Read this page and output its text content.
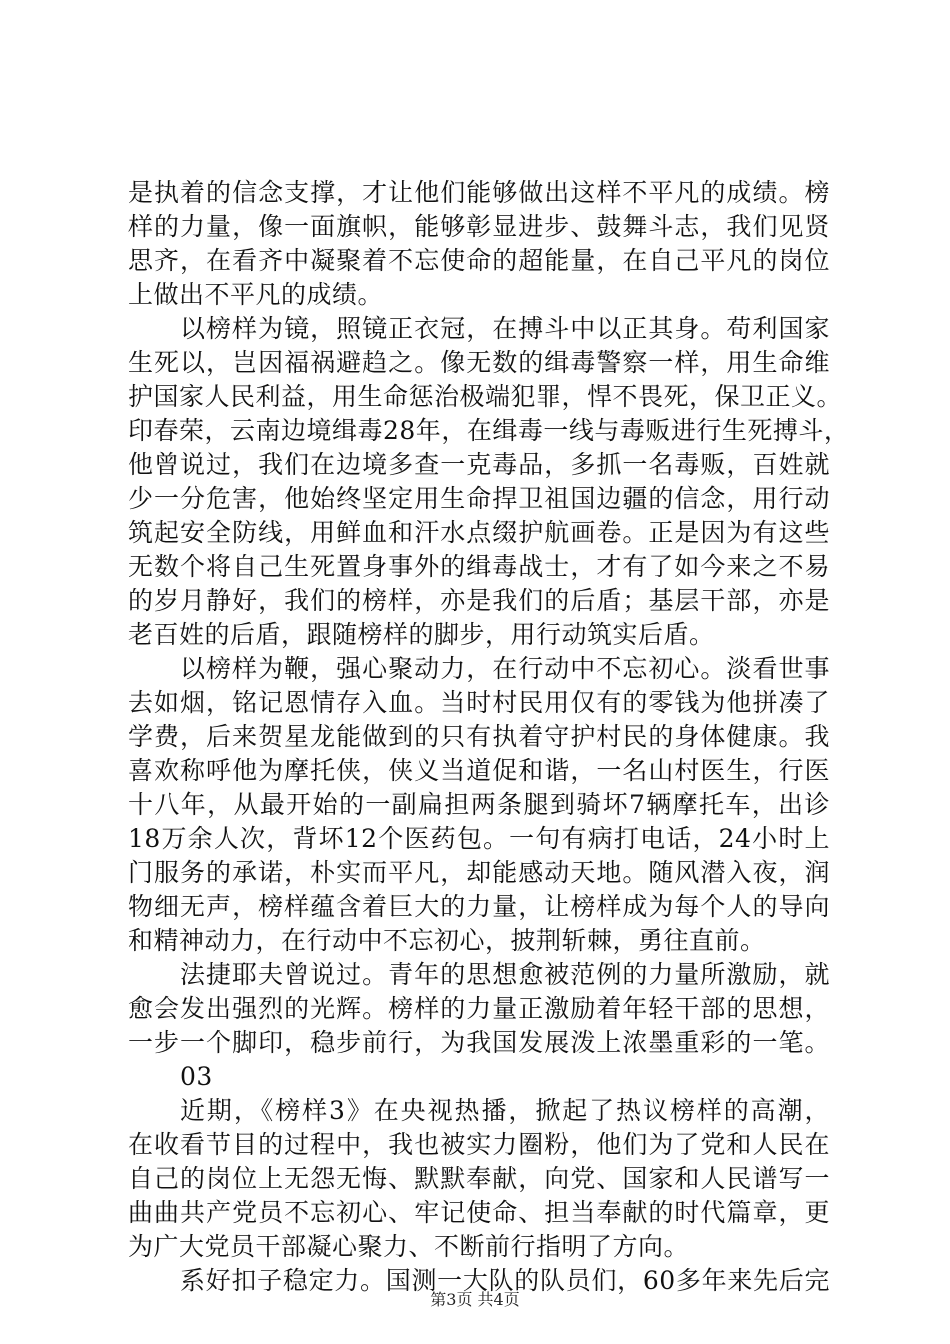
是执着的信念支撑，才让他们能够做出这样不平凡的成绩。榜
样的力量，像一面旗帜，能够彰显进步、鼓舞斗志，我们见贤
思齐，在看齐中凝聚着不忘使命的超能量，在自己平凡的岗位
上做出不平凡的成绩。
以榜样为镜，照镜正衣冠，在搏斗中以正其身。苟利国家
生死以，岂因福祸避趋之。像无数的缉毒警察一样，用生命维
护国家人民利益，用生命惩治极端犯罪，悍不畏死，保卫正义。
印春荣，云南边境缉毒28年，在缉毒一线与毒贩进行生死搏斗，
他曾说过，我们在边境多查一克毒品，多抓一名毒贩，百姓就
少一分危害，他始终坚定用生命捍卫祖国边疆的信念，用行动
筑起安全防线，用鲜血和汗水点缀护航画卷。正是因为有这些
无数个将自己生死置身事外的缉毒战士，才有了如今来之不易
的岁月静好，我们的榜样，亦是我们的后盾；基层干部，亦是
老百姓的后盾，跟随榜样的脚步，用行动筑实后盾。
以榜样为鞭，强心聚动力，在行动中不忘初心。淡看世事
去如烟，铭记恩情存入血。当时村民用仅有的零钱为他拼凑了
学费，后来贺星龙能做到的只有执着守护村民的身体健康。我
喜欢称呼他为摩托侠，侠义当道促和谐，一名山村医生，行医
十八年，从最开始的一副扁担两条腿到骑坏7辆摩托车，出诊
18万余人次，背坏12个医药包。一句有病打电话，24小时上
门服务的承诺，朴实而平凡，却能感动天地。随风潜入夜，润
物细无声，榜样蕴含着巨大的力量，让榜样成为每个人的导向
和精神动力，在行动中不忘初心，披荆斩棘，勇往直前。
法捷耶夫曾说过。青年的思想愈被范例的力量所激励，就
愈会发出强烈的光辉。榜样的力量正激励着年轻干部的思想，
一步一个脚印，稳步前行，为我国发展泼上浓墨重彩的一笔。
03
近期，《榜样3》在央视热播，掀起了热议榜样的高潮，
在收看节目的过程中，我也被实力圈粉，他们为了党和人民在
自己的岗位上无怨无悔、默默奉献，向党、国家和人民谱写一
曲曲共产党员不忘初心、牢记使命、担当奉献的时代篇章，更
为广大党员干部凝心聚力、不断前行指明了方向。
系好扣子稳定力。国测一大队的队员们，60多年来先后完
第3页 共4页
